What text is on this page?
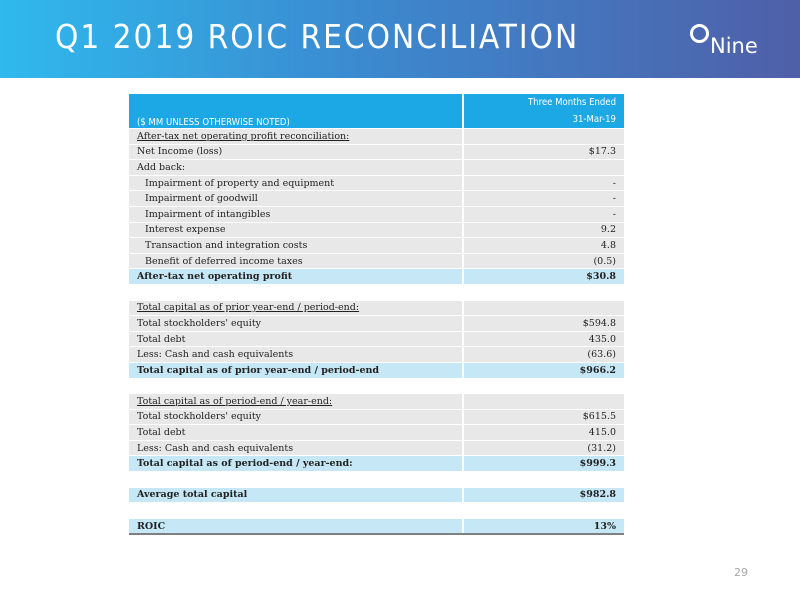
Q1 2019 ROIC RECONCILIATION	Nine
($ MM UNLESS OTHERWISE NOTED)	Three Months Ended
31-Mar-19

After-tax net operating profit reconciliation:	
Net Income (loss)	$17.3
Add back:	
Impairment of property and equipment	-
Impairment of goodwill	-
Impairment of intangibles	-
Interest expense	9.2
Transaction and integration costs	4.8
Benefit of deferred income taxes	(0.5)
After-tax net operating profit	$30.8

Total capital as of prior year-end / period-end:	
Total stockholders' equity	$594.8
Total debt	435.0
Less: Cash and cash equivalents	(63.6)
Total capital as of prior year-end / period-end	$966.2

Total capital as of period-end / year-end:	
Total stockholders' equity	$615.5
Total debt	415.0
Less: Cash and cash equivalents	(31.2)
Total capital as of period-end / year-end:	$999.3

Average total capital	$982.8

ROIC	13%
29
